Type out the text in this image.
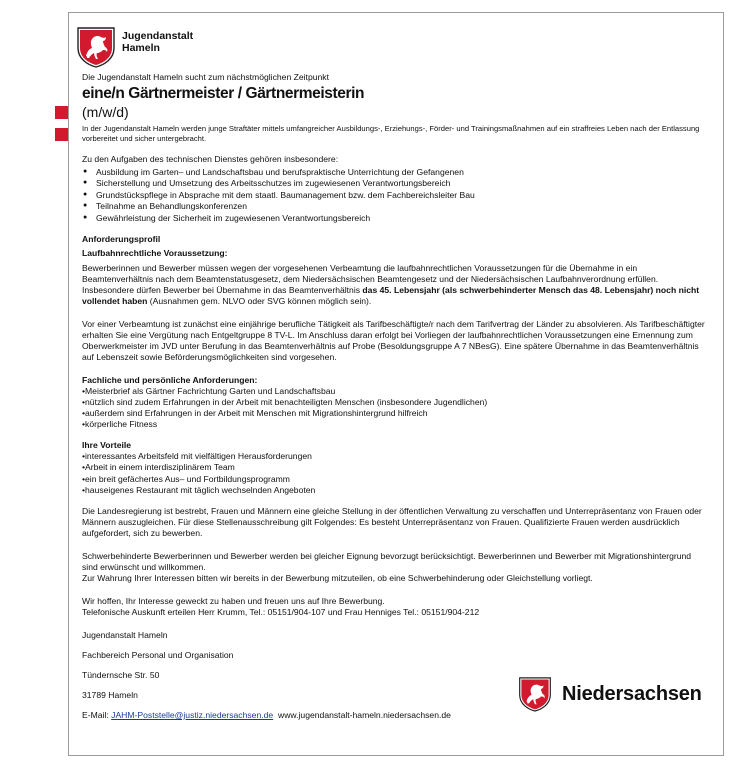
Jugendanstalt
Hameln

Die Jugendanstalt Hameln sucht zum nächstmöglichen Zeitpunkt

eine/n Gärtnermeister / Gärtnermeisterin
(m/w/d)

In der Jugendanstalt Hameln werden junge Straftäter mittels umfangreicher Ausbildungs-, Erziehungs-, Förder- und Trainingsmaßnahmen auf ein straffreies Leben nach der Entlassung vorbereitet und sicher untergebracht.

Zu den Aufgaben des technischen Dienstes gehören insbesondere:

● Ausbildung im Garten– und Landschaftsbau und berufspraktische Unterrichtung der Gefangenen
● Sicherstellung und Umsetzung des Arbeitsschutzes im zugewiesenen Verantwortungsbereich
● Grundstückspflege in Absprache mit dem staatl. Baumanagement bzw. dem Fachbereichsleiter Bau
● Teilnahme an Behandlungskonferenzen
● Gewährleistung der Sicherheit im zugewiesenen Verantwortungsbereich

Anforderungsprofil

Laufbahnrechtliche Voraussetzung:

Bewerberinnen und Bewerber müssen wegen der vorgesehenen Verbeamtung die laufbahnrechtlichen Voraussetzungen für die Übernahme in ein Beamtenverhältnis nach dem Beamtenstatusgesetz, dem Niedersächsischen Beamtengesetz und der Niedersächsischen Laufbahnverordnung erfüllen. Insbesondere dürfen Bewerber bei Übernahme in das Beamtenverhältnis das 45. Lebensjahr (als schwerbehinderter Mensch das 48. Lebensjahr) noch nicht vollendet haben (Ausnahmen gem. NLVO oder SVG können möglich sein).

Vor einer Verbeamtung ist zunächst eine einjährige berufliche Tätigkeit als Tarifbeschäftigte/r nach dem Tarifvertrag der Länder zu absolvieren. Als Tarifbeschäftigter erhalten Sie eine Vergütung nach Entgeltgruppe 8 TV-L. Im Anschluss daran erfolgt bei Vorliegen der laufbahnrechtlichen Voraussetzungen eine Ernennung zum Oberwerkmeister im JVD unter Berufung in das Beamtenverhältnis auf Probe (Besoldungsgruppe A 7 NBesG). Eine spätere Übernahme in das Beamtenverhältnis auf Lebenszeit sowie Beförderungsmöglichkeiten sind vorgesehen.

Fachliche und persönliche Anforderungen:

• Meisterbrief als Gärtner Fachrichtung Garten und Landschaftsbau
• nützlich sind zudem Erfahrungen in der Arbeit mit benachteiligten Menschen (insbesondere Jugendlichen)
• außerdem sind Erfahrungen in der Arbeit mit Menschen mit Migrationshintergrund hilfreich
• körperliche Fitness

Ihre Vorteile

• interessantes Arbeitsfeld mit vielfältigen Herausforderungen
• Arbeit in einem interdisziplinärem Team
• ein breit gefächertes Aus– und Fortbildungsprogramm
• hauseigenes Restaurant mit täglich wechselnden Angeboten

Die Landesregierung ist bestrebt, Frauen und Männern eine gleiche Stellung in der öffentlichen Verwaltung zu verschaffen und Unterrepräsentanz von Frauen oder Männern auszugleichen. Für diese Stellenausschreibung gilt Folgendes: Es besteht Unterrepräsentanz von Frauen. Qualifizierte Frauen werden ausdrücklich aufgefordert, sich zu bewerben.

Schwerbehinderte Bewerberinnen und Bewerber werden bei gleicher Eignung bevorzugt berücksichtigt. Bewerberinnen und Bewerber mit Migrationshintergrund sind erwünscht und willkommen.

Zur Wahrung Ihrer Interessen bitten wir bereits in der Bewerbung mitzuteilen, ob eine Schwerbehinderung oder Gleichstellung vorliegt.

Wir hoffen, Ihr Interesse geweckt zu haben und freuen uns auf Ihre Bewerbung.

Telefonische Auskunft erteilen Herr Krumm, Tel.: 05151/904-107 und Frau Henniges Tel.: 05151/904-212

Jugendanstalt Hameln

Fachbereich Personal und Organisation

Tündernsche Str. 50

31789 Hameln

E-Mail: JAHM-Poststelle@justiz.niedersachsen.de www.jugendanstalt-hameln.niedersachsen.de

Niedersachsen
